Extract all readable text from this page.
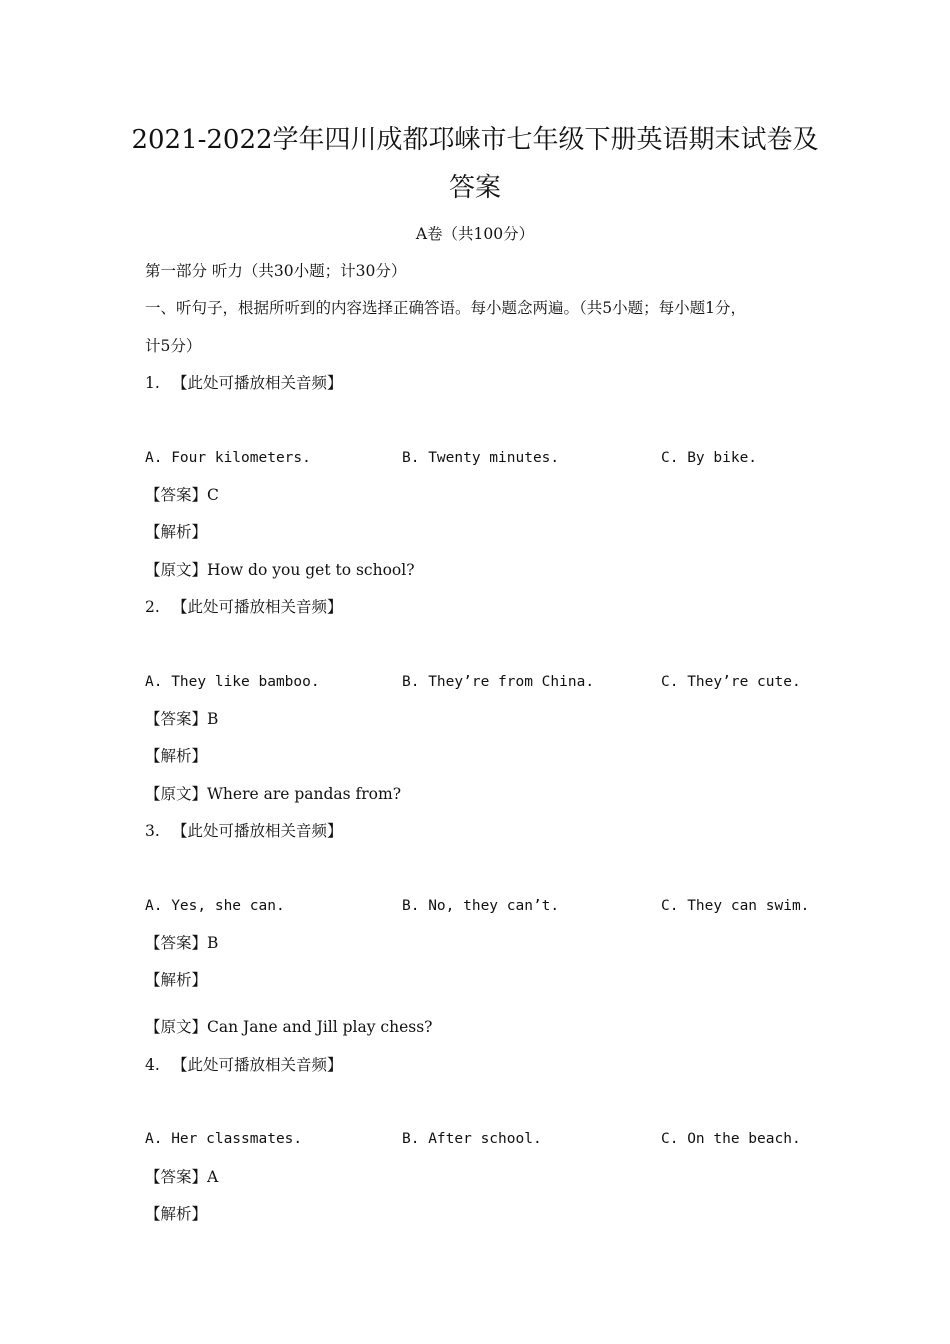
2021-2022学年四川成都邛崃市七年级下册英语期末试卷及
答案
A卷（共100分）
第一部分 听力（共30小题；计30分）
一、听句子，根据所听到的内容选择正确答语。每小题念两遍。（共5小题；每小题1分，
计5分）
1. 【此处可播放相关音频】
A. Four kilometers.	B. Twenty minutes.	C. By bike.
【答案】C
【解析】
【原文】How do you get to school?
2. 【此处可播放相关音频】
A. They like bamboo.	B. They’re from China.	C. They’re cute.
【答案】B
【解析】
【原文】Where are pandas from?
3. 【此处可播放相关音频】
A. Yes, she can.	B. No, they can’t.	C. They can swim.
【答案】B
【解析】
【原文】Can Jane and Jill play chess?
4. 【此处可播放相关音频】
A. Her classmates.	B. After school.	C. On the beach.
【答案】A
【解析】
